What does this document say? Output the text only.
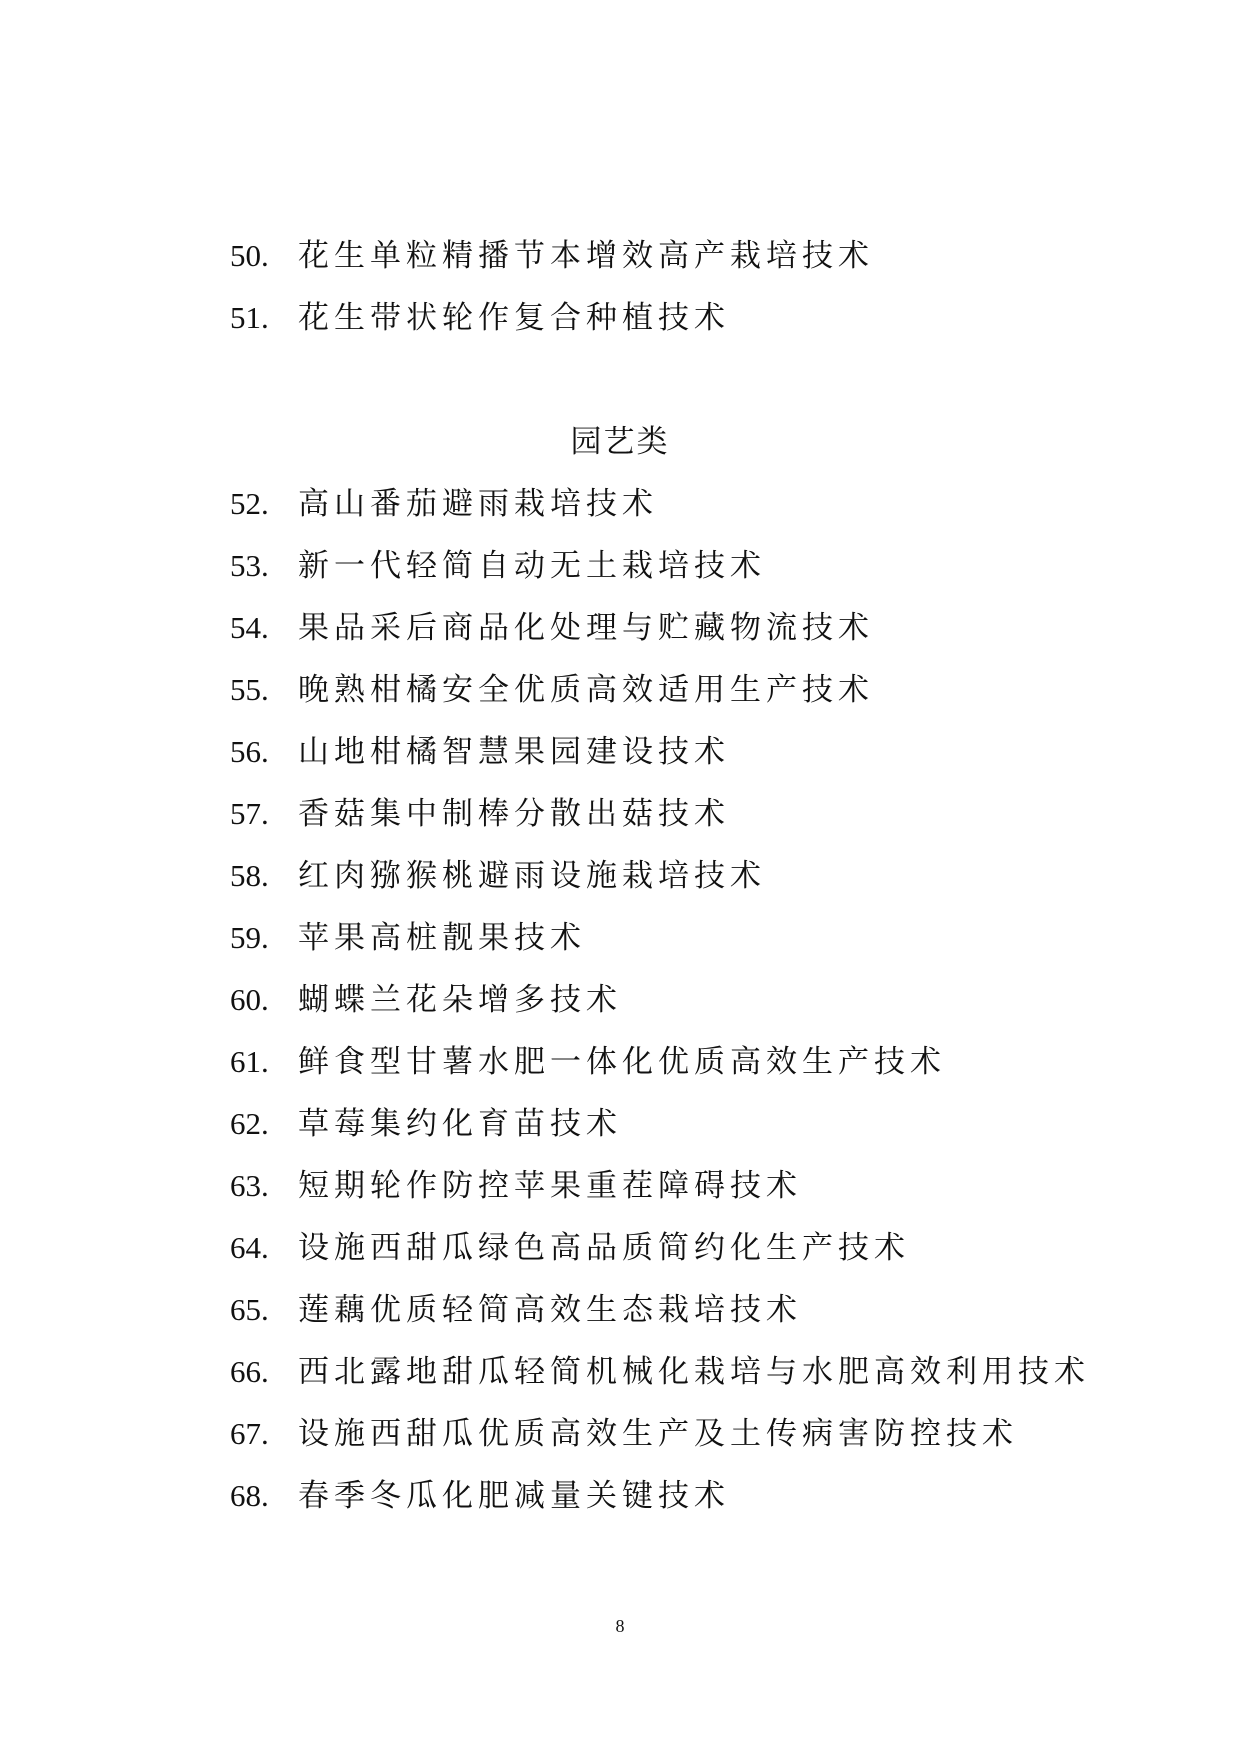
50. 花生单粒精播节本增效高产栽培技术
51. 花生带状轮作复合种植技术
园艺类
52. 高山番茄避雨栽培技术
53. 新一代轻简自动无土栽培技术
54. 果品采后商品化处理与贮藏物流技术
55. 晚熟柑橘安全优质高效适用生产技术
56. 山地柑橘智慧果园建设技术
57. 香菇集中制棒分散出菇技术
58. 红肉猕猴桃避雨设施栽培技术
59. 苹果高桩靓果技术
60. 蝴蝶兰花朵增多技术
61. 鲜食型甘薯水肥一体化优质高效生产技术
62. 草莓集约化育苗技术
63. 短期轮作防控苹果重茬障碍技术
64. 设施西甜瓜绿色高品质简约化生产技术
65. 莲藕优质轻简高效生态栽培技术
66. 西北露地甜瓜轻简机械化栽培与水肥高效利用技术
67. 设施西甜瓜优质高效生产及土传病害防控技术
68. 春季冬瓜化肥减量关键技术
8
